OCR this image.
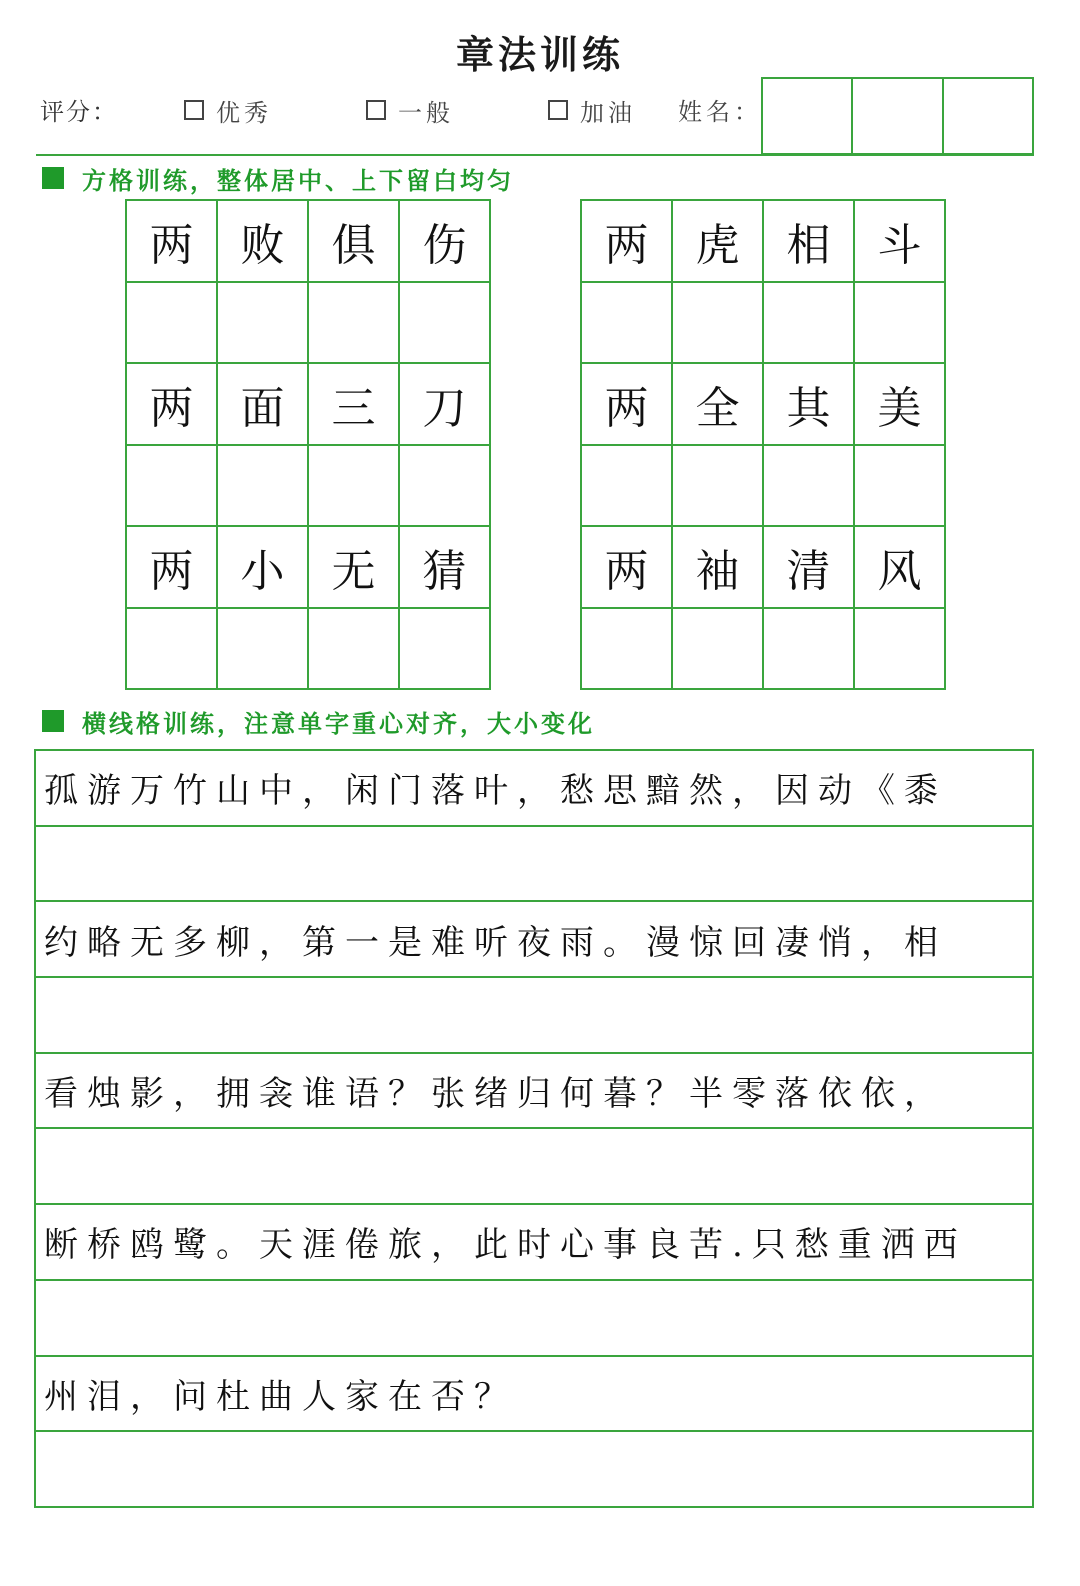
章法训练
评分：	优秀	一般	加油 姓名：
方格训练，整体居中、上下留白均匀
两	败	俱	伤
两	面	三	刀
两	小	无	猜
两	虎	相	斗
两	全	其	美
两	袖	清	风
横线格训练，注意单字重心对齐，大小变化
孤游万竹山中，闲门落叶，愁思黯然，因动《黍
约略无多柳，第一是难听夜雨。漫惊回凄悄，相
看烛影，拥衾谁语？张绪归何暮？半零落依依，
断桥鸥鹭。天涯倦旅，此时心事良苦.只愁重洒西
州泪，问杜曲人家在否？
